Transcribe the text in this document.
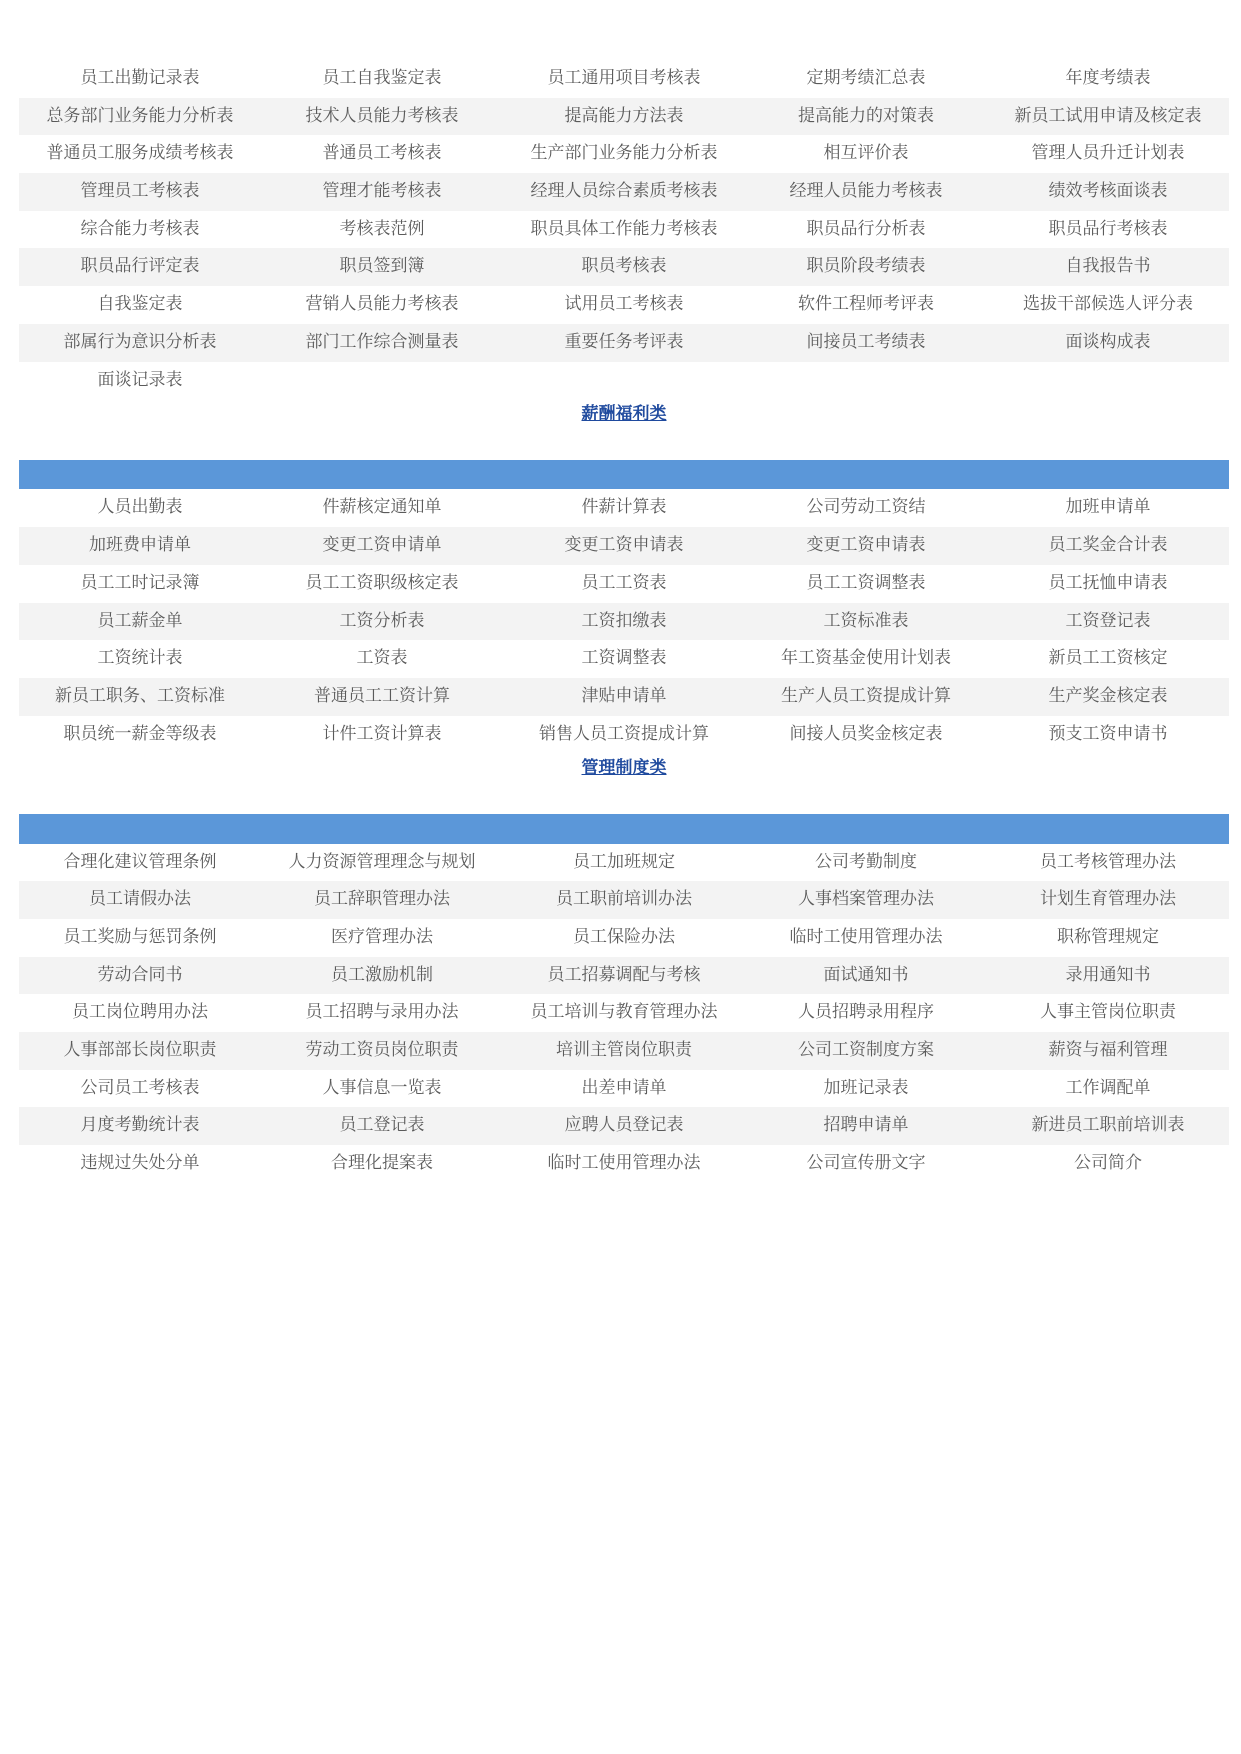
员工出勤记录表	员工自我鉴定表	员工通用项目考核表	定期考绩汇总表	年度考绩表
总务部门业务能力分析表	技术人员能力考核表	提高能力方法表	提高能力的对策表	新员工试用申请及核定表
普通员工服务成绩考核表	普通员工考核表	生产部门业务能力分析表	相互评价表	管理人员升迁计划表
管理员工考核表	管理才能考核表	经理人员综合素质考核表	经理人员能力考核表	绩效考核面谈表
综合能力考核表	考核表范例	职员具体工作能力考核表	职员品行分析表	职员品行考核表
职员品行评定表	职员签到簿	职员考核表	职员阶段考绩表	自我报告书
自我鉴定表	营销人员能力考核表	试用员工考核表	软件工程师考评表	选拔干部候选人评分表
部属行为意识分析表	部门工作综合测量表	重要任务考评表	间接员工考绩表	面谈构成表
面谈记录表
薪酬福利类
人员出勤表	件薪核定通知单	件薪计算表	公司劳动工资结	加班申请单
加班费申请单	变更工资申请单	变更工资申请表	变更工资申请表	员工奖金合计表
员工工时记录簿	员工工资职级核定表	员工工资表	员工工资调整表	员工抚恤申请表
员工薪金单	工资分析表	工资扣缴表	工资标准表	工资登记表
工资统计表	工资表	工资调整表	年工资基金使用计划表	新员工工资核定
新员工职务、工资标准	普通员工工资计算	津贴申请单	生产人员工资提成计算	生产奖金核定表
职员统一薪金等级表	计件工资计算表	销售人员工资提成计算	间接人员奖金核定表	预支工资申请书
管理制度类
合理化建议管理条例	人力资源管理理念与规划	员工加班规定	公司考勤制度	员工考核管理办法
员工请假办法	员工辞职管理办法	员工职前培训办法	人事档案管理办法	计划生育管理办法
员工奖励与惩罚条例	医疗管理办法	员工保险办法	临时工使用管理办法	职称管理规定
劳动合同书	员工激励机制	员工招募调配与考核	面试通知书	录用通知书
员工岗位聘用办法	员工招聘与录用办法	员工培训与教育管理办法	人员招聘录用程序	人事主管岗位职责
人事部部长岗位职责	劳动工资员岗位职责	培训主管岗位职责	公司工资制度方案	薪资与福利管理
公司员工考核表	人事信息一览表	出差申请单	加班记录表	工作调配单
月度考勤统计表	员工登记表	应聘人员登记表	招聘申请单	新进员工职前培训表
违规过失处分单	合理化提案表	临时工使用管理办法	公司宣传册文字	公司简介
